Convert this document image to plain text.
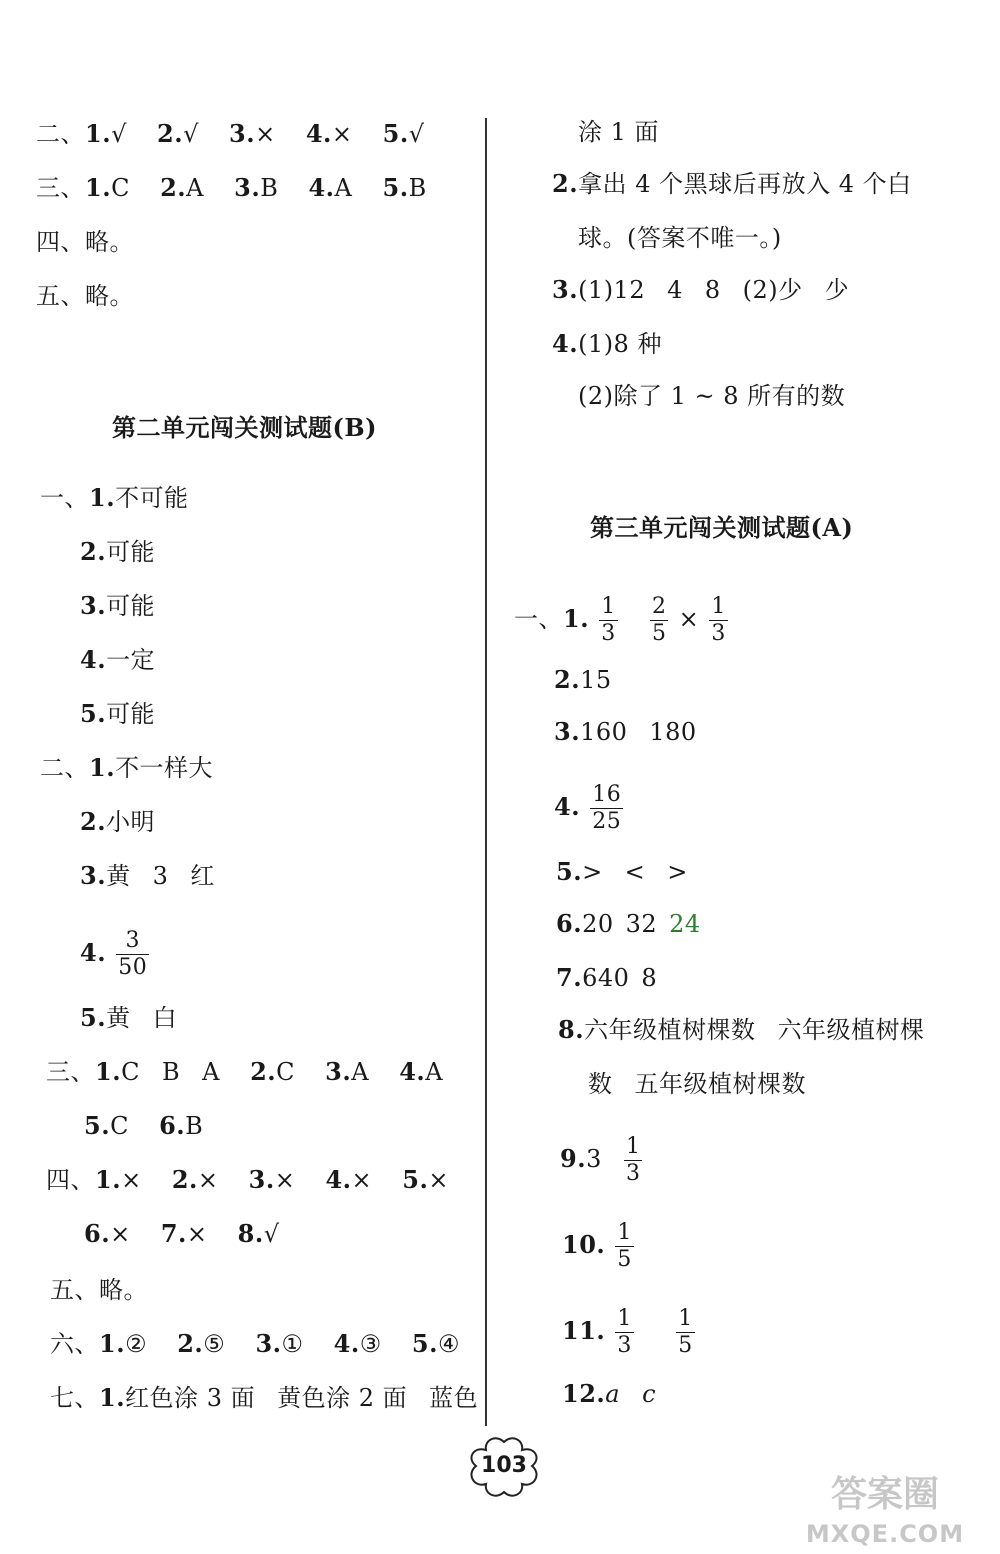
二、1.√ 2.√ 3.× 4.× 5.√
三、1.C 2.A 3.B 4.A 5.B
四、略。
五、略。
第二单元闯关测试题(B)
一、1.不可能
2.可能
3.可能
4.一定
5.可能
二、1.不一样大
2.小明
3.黄 3 红
4. $\frac{3}{50}$
5.黄 白
三、1.C B A 2.C 3.A 4.A
5.C 6.B
四、1.× 2.× 3.× 4.× 5.×
6.× 7.× 8.√
五、略。
六、1.② 2.⑤ 3.① 4.③ 5.④
七、1.红色涂 3 面 黄色涂 2 面 蓝色
涂 1 面
2.拿出 4 个黑球后再放入 4 个白
球。(答案不唯一。)
3.(1)12 4 8 (2)少 少
4.(1)8 种
(2)除了 1 ~ 8 所有的数
第三单元闯关测试题(A)
一、1. $\frac{1}{3}$
$\frac{2}{5} \times \frac{1}{3}$
2.15
3.160 180
4. $\frac{16}{25}$
5.> < >
6.20 32 24
7.640 8
8.六年级植树棵数 六年级植树棵
数 五年级植树棵数
$9.3 \frac{1}{3}$
10. $\frac{1}{5}$
11. $\frac{1}{3}$
$\frac{1}{5}$
12.a c
103
答案圈
MXQE.COM
